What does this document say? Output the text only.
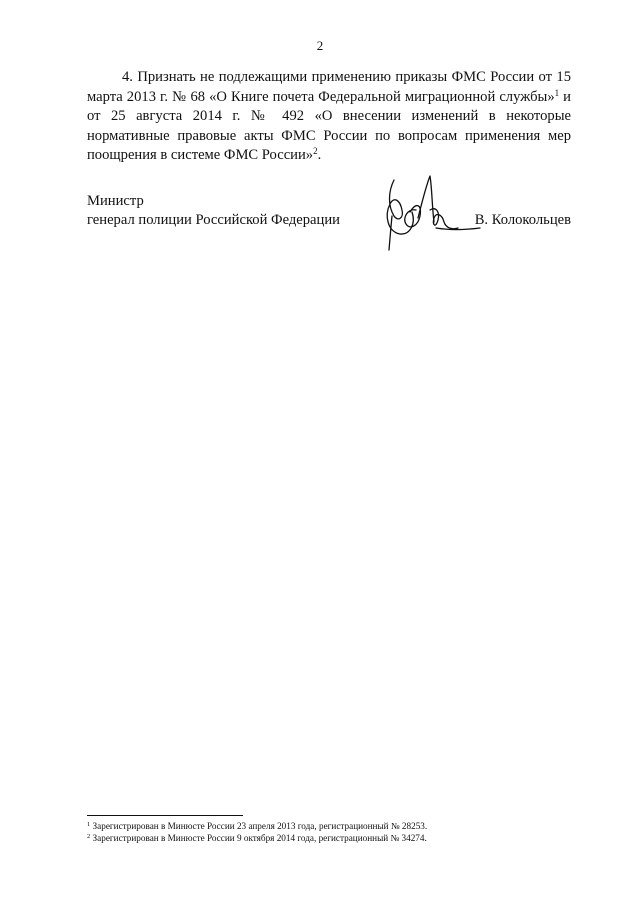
2

4. Признать не подлежащими применению приказы ФМС России от 15 марта 2013 г. № 68 «О Книге почета Федеральной миграционной службы»$^1$ и от 25 августа 2014 г. № 492 «О внесении изменений в некоторые нормативные правовые акты ФМС России по вопросам применения мер поощрения в системе ФМС России»$^2$.

Министр
генерал полиции Российской Федерации	В. Колокольцев
$^1$ Зарегистрирован в Минюсте России 23 апреля 2013 года, регистрационный № 28253.
$^2$ Зарегистрирован в Минюсте России 9 октября 2014 года, регистрационный № 34274.
